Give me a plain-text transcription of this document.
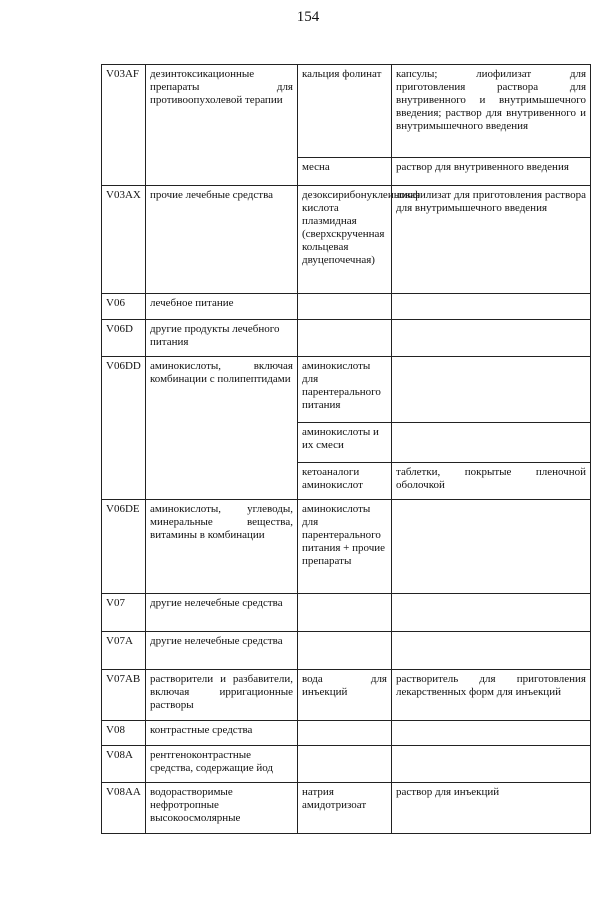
154
V03AF	дезинтоксикационные препараты для противоопухолевой терапии	кальция фолинат	капсулы; лиофилизат для приготовления раствора для внутривенного и внутримышечного введения; раствор для внутривенного и внутримышечного введения
		месна	раствор для внутривенного введения
V03AX	прочие лечебные средства	дезоксирибонуклеиновая кислота плазмидная (сверхскрученная кольцевая двуцепочечная)	лиофилизат для приготовления раствора для внутримышечного введения
V06	лечебное питание		
V06D	другие продукты лечебного питания		
V06DD	аминокислоты, включая комбинации с полипептидами	аминокислоты для парентерального питания	
		аминокислоты и их смеси	
		кетоаналоги аминокислот	таблетки, покрытые пленочной оболочкой
V06DE	аминокислоты, углеводы, минеральные вещества, витамины в комбинации	аминокислоты для парентерального питания + прочие препараты	
V07	другие нелечебные средства		
V07A	другие нелечебные средства		
V07AB	растворители и разбавители, включая ирригационные растворы	вода для инъекций	растворитель для приготовления лекарственных форм для инъекций
V08	контрастные средства		
V08A	рентгеноконтрастные средства, содержащие йод		
V08AA	водорастворимые нефротропные высокоосмолярные	натрия амидотризоат	раствор для инъекций
